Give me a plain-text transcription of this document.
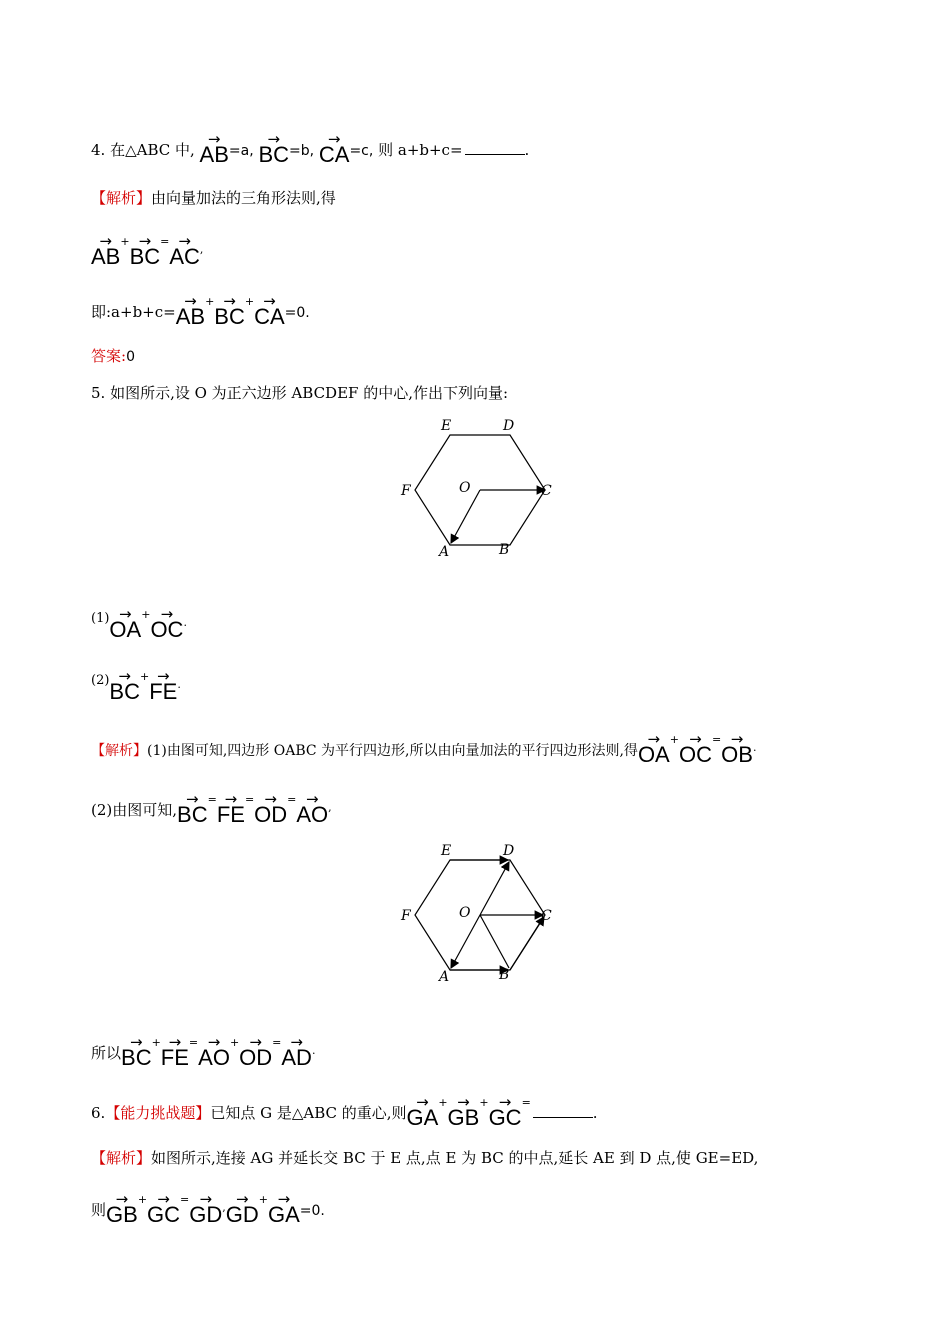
4. 在△ABC 中, → AB=a, → BC=b, → CA=c, 则 a+b+c=	.
【解析】由向量加法的三角形法则,得
→ AB+→ BC=→ AC,
即:a+b+c=→ AB+→ BC+→ CA=0.
答案:0
5. 如图所示,设 O 为正六边形 ABCDEF 的中心,作出下列向量:
E	D
F	O	C
A	B
(1)→ OA+→ OC.
(2)→ BC+→ FE.
【解析】(1)由图可知,四边形 OABC 为平行四边形,所以由向量加法的平行四边形法则,得→ OA+→ OC=→ OB.
(2)由图可知,→ BC=→ FE=→ OD=→ AO,
E	D
F	O	C
A	B
所以→ BC+→ FE=→ AO+→ OD=→ AD.
6.【能力挑战题】已知点 G 是△ABC 的重心,则→ GA+→ GB+→ GC=.
【解析】如图所示,连接 AG 并延长交 BC 于 E 点,点 E 为 BC 的中点,延长 AE 到 D 点,使 GE=ED,
则→ GB+→ GC=→ GD,→ GD+→ GA=0.
